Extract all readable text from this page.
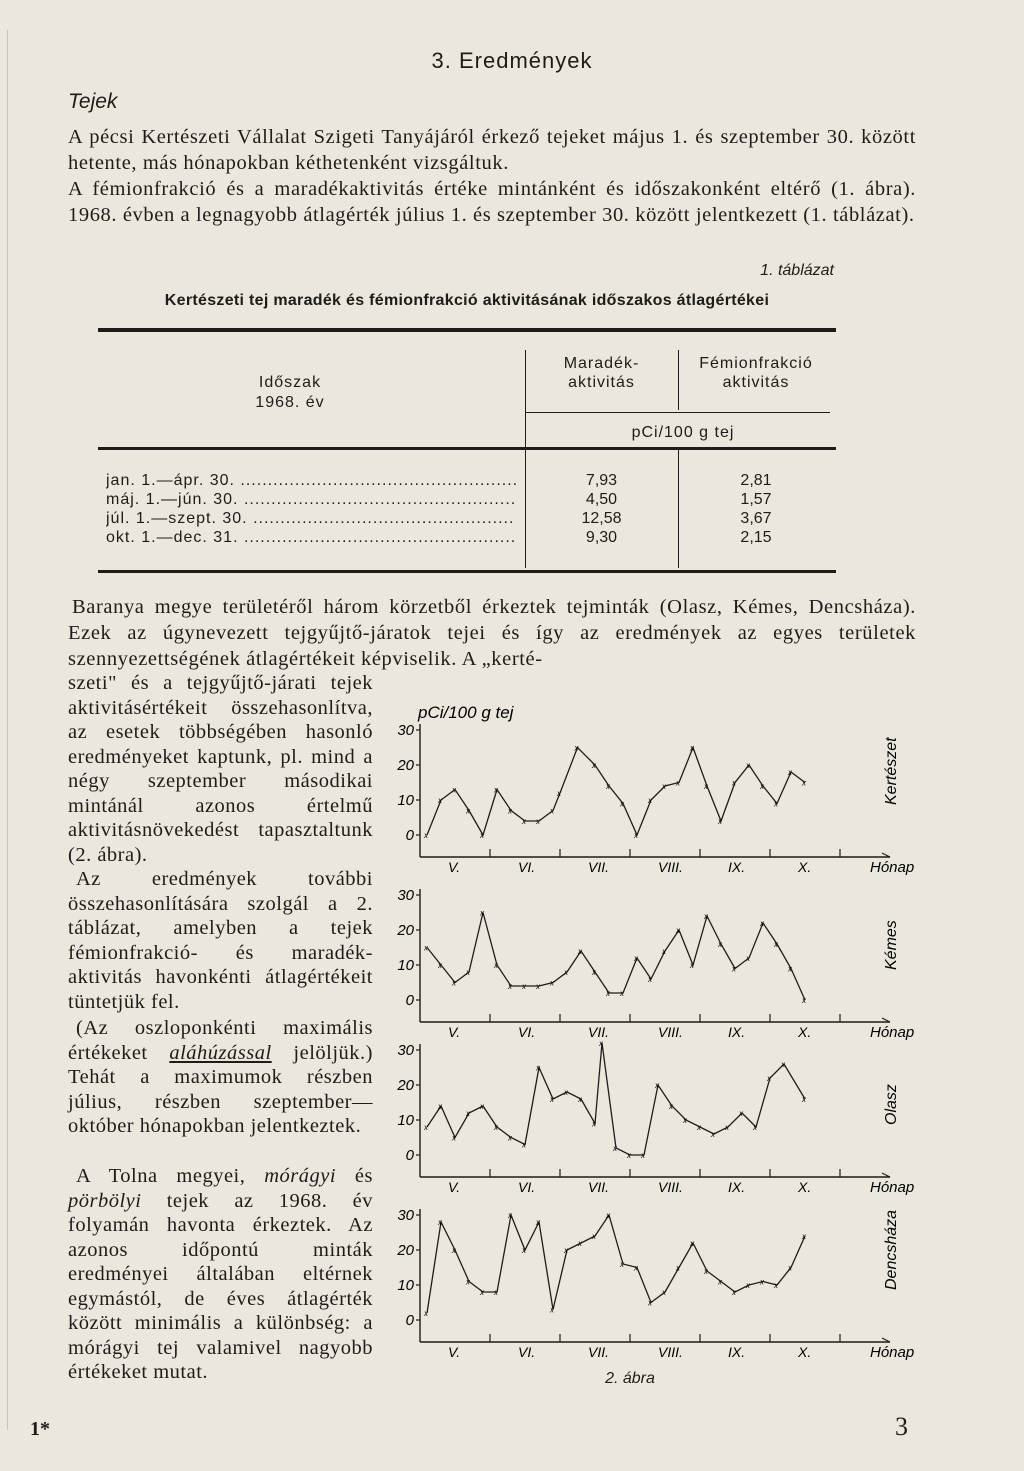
3. Eredmények
Tejek
A pécsi Kertészeti Vállalat Szigeti Tanyájáról érkező tejeket május 1. és szeptember 30. között hetente, más hónapokban kéthetenként vizsgáltuk.
A fémionfrakció és a maradékaktivitás értéke mintánként és időszakonként eltérő (1. ábra). 1968. évben a legnagyobb átlagérték július 1. és szeptember 30. között jelentkezett (1. táblázat).
1. táblázat
Kertészeti tej maradék és fémionfrakció aktivitásának időszakos átlagértékei
Időszak
1968. év
Maradék-aktivitás
Fémionfrakció aktivitás
pCi/100 g tej
jan. 1.—ápr. 30. .....	7,93	2,81
máj. 1.—jún. 30. .....	4,50	1,57
júl. 1.—szept. 30. .....	12,58	3,67
okt. 1.—dec. 31. .....	9,30	2,15
Baranya megye területéről három körzetből érkeztek tejminták (Olasz, Kémes, Dencsháza). Ezek az úgynevezett tejgyűjtő-járatok tejei és így az eredmények az egyes területek szennyezettségének átlagértékeit képviselik. A „kerté-
szeti" és a tejgyűjtő-járati tejek aktivitásértékeit összehasonlítva, az esetek többségében hasonló eredményeket kaptunk, pl. mind a négy szeptember másodikai mintánál azonos értelmű aktivitásnövekedést tapasztaltunk (2. ábra).
Az eredmények további összehasonlítására szolgál a 2. táblázat, amelyben a tejek fémionfrakció- és maradék-aktivitás havonkénti átlagértékeit tüntetjük fel.
(Az oszloponkénti maximális értékeket aláhúzással jelöljük.) Tehát a maximumok részben július, részben szeptember—október hónapokban jelentkeztek.
A Tolna megyei, mórágyi és pörbölyi tejek az 1968. év folyamán havonta érkeztek. Az azonos időpontú minták eredményei általában eltérnek egymástól, de éves átlagérték között minimális a különbség: a mórágyi tej valamivel nagyobb értékeket mutat.
pCi/100 g tej
30
20
10
0
V.	VI.	VII.	VIII.	IX.	X.	Hónap
x
x
x
x
x
x
x
x x
x
x
x
x
x
x
x
x
x x
x
x
x
x
x
x
x
x
x	Kertészet
30
20
10
0
V.	VI.	VII.	VIII.	IX.	X.	Hónap
x
x
x
x
x
x
x x x x
x
x
x
x x
x
x
x
x
x
x
x
x
x
x
x
x
x
Kémes
30
20
10
0
V.	VI.	VII.	VIII.	IX.	X.	Hónap
x
x
x
x
x
x
x
x
x
x
x
x
x
x
x
x x
x
x
x
x
x
x
x
x
x
x
x	Olasz
30
20
10
0
V.	VI.	VII.	VIII.	IX.	X.	Hónap
x
x
x
x
x x
x
x
x
x
x
x
x
x
x x
x
x
x
x
x
x
x
x x x
x
x	Dencsháza
2. ábra
1*	3
